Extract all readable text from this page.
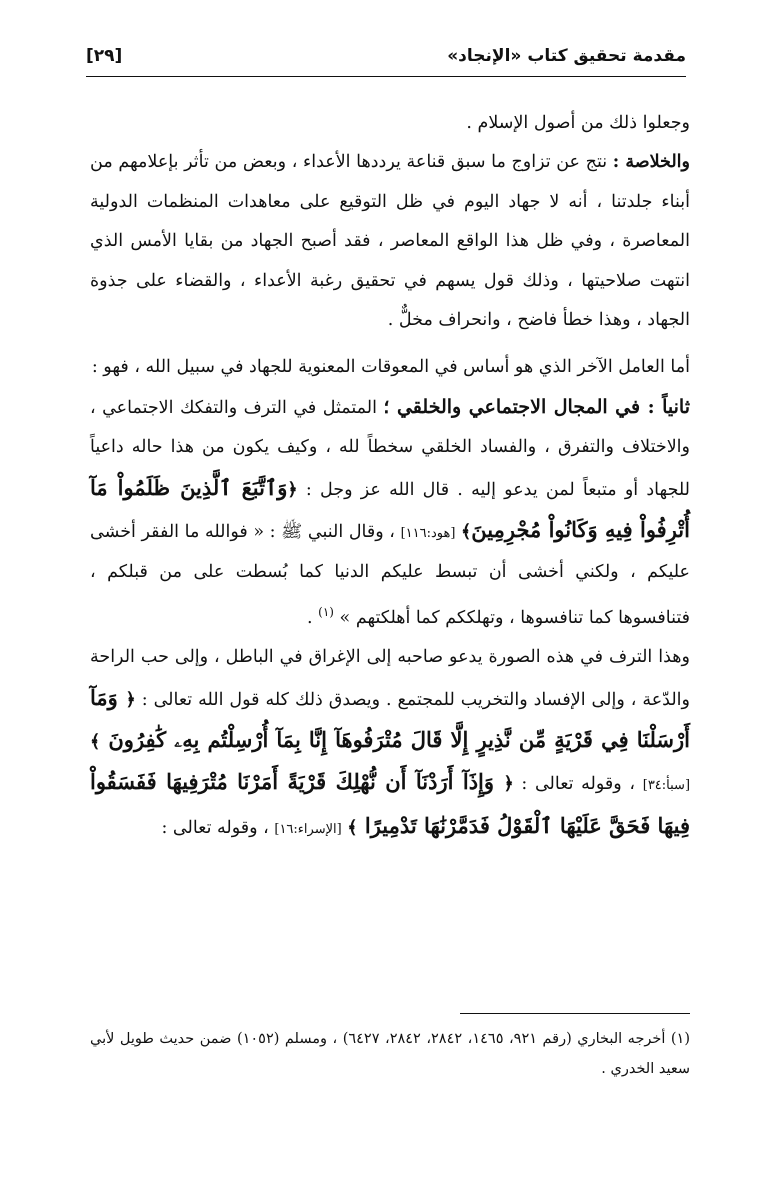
مقدمة تحقيق كتاب «الإنجاد»
[٢٩]

وجعلوا ذلك من أصول الإسلام .

والخلاصة : نتج عن تزاوج ما سبق قناعة يرددها الأعداء ، وبعض من تأثر بإعلامهم من أبناء جلدتنا ، أنه لا جهاد اليوم في ظل التوقيع على معاهدات المنظمات الدولية المعاصرة ، وفي ظل هذا الواقع المعاصر ، فقد أصبح الجهاد من بقايا الأمس الذي انتهت صلاحيتها ، وذلك قول يسهم في تحقيق رغبة الأعداء ، والقضاء على جذوة الجهاد ، وهذا خطأ فاضح ، وانحراف مخلٌّ .

أما العامل الآخر الذي هو أساس في المعوقات المعنوية للجهاد في سبيل الله ، فهو :

ثانياً : في المجال الاجتماعي والخلقي ؛ المتمثل في الترف والتفكك الاجتماعي ، والاختلاف والتفرق ، والفساد الخلقي سخطاً لله ، وكيف يكون من هذا حاله داعياً للجهاد أو متبعاً لمن يدعو إليه . قال الله عز وجل : ﴿وَٱتَّبَعَ ٱلَّذِينَ ظَلَمُواْ مَآ أُتْرِفُواْ فِيهِ وَكَانُواْ مُجْرِمِينَ﴾ [هود:١١٦] ، وقال النبي ﷺ : « فوالله ما الفقر أخشى عليكم ، ولكني أخشى أن تبسط عليكم الدنيا كما بُسطت على من قبلكم ، فتنافسوها كما تنافسوها ، وتهلككم كما أهلكتهم » $^{(١)}$ .

وهذا الترف في هذه الصورة يدعو صاحبه إلى الإغراق في الباطل ، وإلى حب الراحة والدّعة ، وإلى الإفساد والتخريب للمجتمع . ويصدق ذلك كله قول الله تعالى : ﴿ وَمَآ أَرْسَلْنَا فِي قَرْيَةٍ مِّن نَّذِيرٍ إِلَّا قَالَ مُتْرَفُوهَآ إِنَّا بِمَآ أُرْسِلْتُم بِهِۦ كَٰفِرُونَ ﴾ [سبأ:٣٤] ، وقوله تعالى : ﴿ وَإِذَآ أَرَدْنَآ أَن نُّهْلِكَ قَرْيَةً أَمَرْنَا مُتْرَفِيهَا فَفَسَقُواْ فِيهَا فَحَقَّ عَلَيْهَا ٱلْقَوْلُ فَدَمَّرْنَٰهَا تَدْمِيرًا ﴾ [الإسراء:١٦] ، وقوله تعالى :

(١) أخرجه البخاري (رقم ٩٢١، ١٤٦٥، ٢٨٤٢، ٢٨٤٢، ٦٤٢٧) ، ومسلم (١٠٥٢) ضمن حديث طويل لأبي سعيد الخدري .
